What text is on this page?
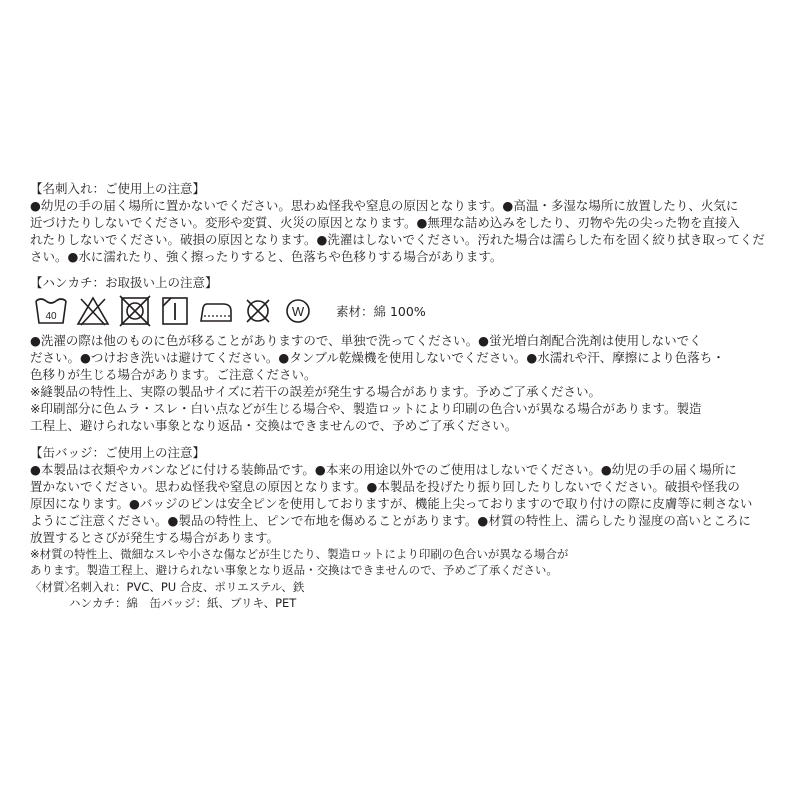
【名刺入れ：ご使用上の注意】

●幼児の手の届く場所に置かないでください。思わぬ怪我や窒息の原因となります。●高温・多湿な場所に放置したり、火気に

近づけたりしないでください。変形や変質、火災の原因となります。●無理な詰め込みをしたり、刃物や先の尖った物を直接入

れたりしないでください。破損の原因となります。●洗濯はしないでください。汚れた場合は濡らした布を固く絞り拭き取ってくだ

さい。●水に濡れたり、強く擦ったりすると、色落ちや色移りする場合があります。

【ハンカチ：お取扱い上の注意】

40	W	素材：綿 100%

●洗濯の際は他のものに色が移ることがありますので、単独で洗ってください。●蛍光増白剤配合洗剤は使用しないでく

ださい。●つけおき洗いは避けてください。●タンブル乾燥機を使用しないでください。●水濡れや汗、摩擦により色落ち・

色移りが生じる場合があります。ご注意ください。

※縫製品の特性上、実際の製品サイズに若干の誤差が発生する場合があります。予めご了承ください。

※印刷部分に色ムラ・スレ・白い点などが生じる場合や、製造ロットにより印刷の色合いが異なる場合があります。製造

工程上、避けられない事象となり返品・交換はできませんので、予めご了承ください。

【缶バッジ：ご使用上の注意】

●本製品は衣類やカバンなどに付ける装飾品です。●本来の用途以外でのご使用はしないでください。●幼児の手の届く場所に

置かないでください。思わぬ怪我や窒息の原因となります。●本製品を投げたり振り回したりしないでください。破損や怪我の

原因になります。●バッジのピンは安全ピンを使用しておりますが、機能上尖っておりますので取り付けの際に皮膚等に刺さない

ようにご注意ください。●製品の特性上、ピンで布地を傷めることがあります。●材質の特性上、濡らしたり湿度の高いところに

放置するとさびが発生する場合があります。

※材質の特性上、微細なスレや小さな傷などが生じたり、製造ロットにより印刷の色合いが異なる場合が

あります。製造工程上、避けられない事象となり返品・交換はできませんので、予めご了承ください。

〈材質〉名刺入れ：PVC、PU 合皮、ポリエステル、鉄
ハンカチ：綿　缶バッジ：紙、ブリキ、PET
